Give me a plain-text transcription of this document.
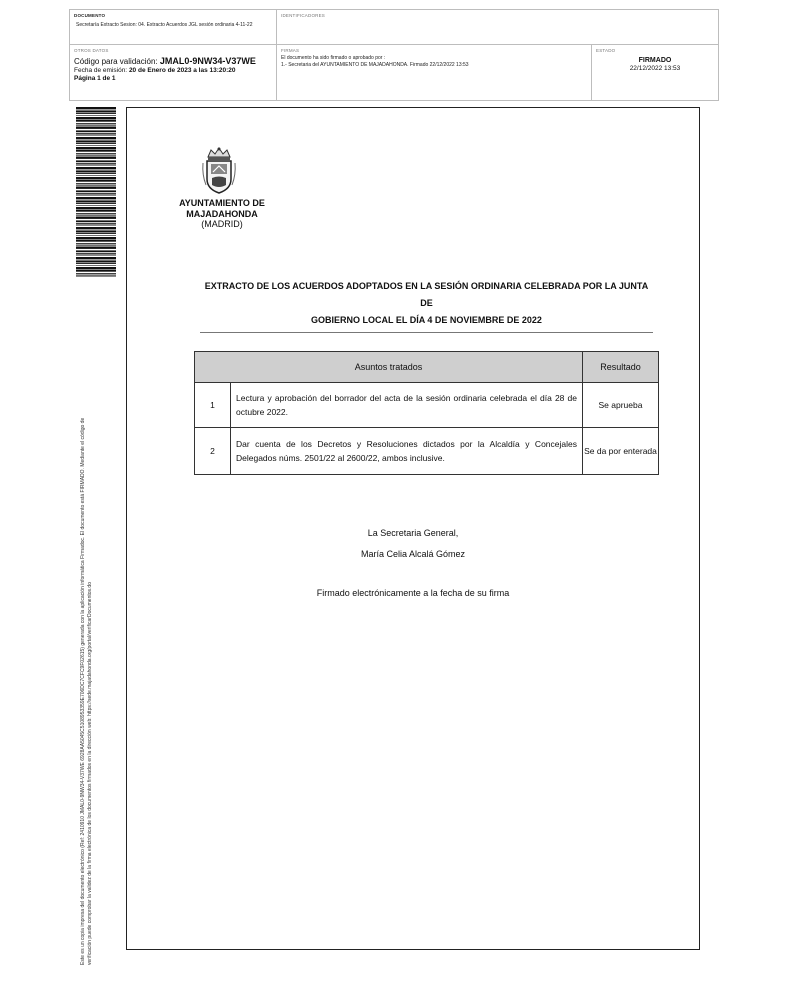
DOCUMENTO
Secretaría Extracto Sesion: 04. Extracto Acuerdos JGL sesión ordinaria 4-11-22
IDENTIFICADORES
OTROS DATOS
Código para validación: JMAL0-9NW34-V37WE
Fecha de emisión: 20 de Enero de 2023 a las 13:20:20
Página 1 de 1
FIRMAS
El documento ha sido firmado o aprobado por :
1.- Secretaria del AYUNTAMIENTO DE MAJADAHONDA. Firmado 22/12/2022 13:53
ESTADO
FIRMADO
22/12/2022 13:53
Este es un copia impresa del documento electrónico (Ref: 2410910 JMAL0-9NW34-V37WE 6928AA5045C5108953359E706DC7CFC9F02615) generada con la aplicación informática Firmadoc. El documento está FIRMADO. Mediante el código de verificación puede comprobar la validez de la firma electrónica de los documentos firmados en la dirección web: https://sede.majadahonda.org/portal/verificarDocumentos.do
AYUNTAMIENTO DE
MAJADAHONDA
(MADRID)
EXTRACTO DE LOS ACUERDOS ADOPTADOS EN LA SESIÓN ORDINARIA CELEBRADA POR LA JUNTA DE
GOBIERNO LOCAL EL DÍA 4 DE NOVIEMBRE DE 2022
Asuntos tratados		Resultado
1	Lectura y aprobación del borrador del acta de la sesión ordinaria celebrada el día 28 de octubre 2022.	Se aprueba
2	Dar cuenta de los Decretos y Resoluciones dictados por la Alcaldía y Concejales Delegados núms. 2501/22 al 2600/22, ambos inclusive.	Se da por enterada
La Secretaria General,
María Celia Alcalá Gómez
Firmado electrónicamente a la fecha de su firma
